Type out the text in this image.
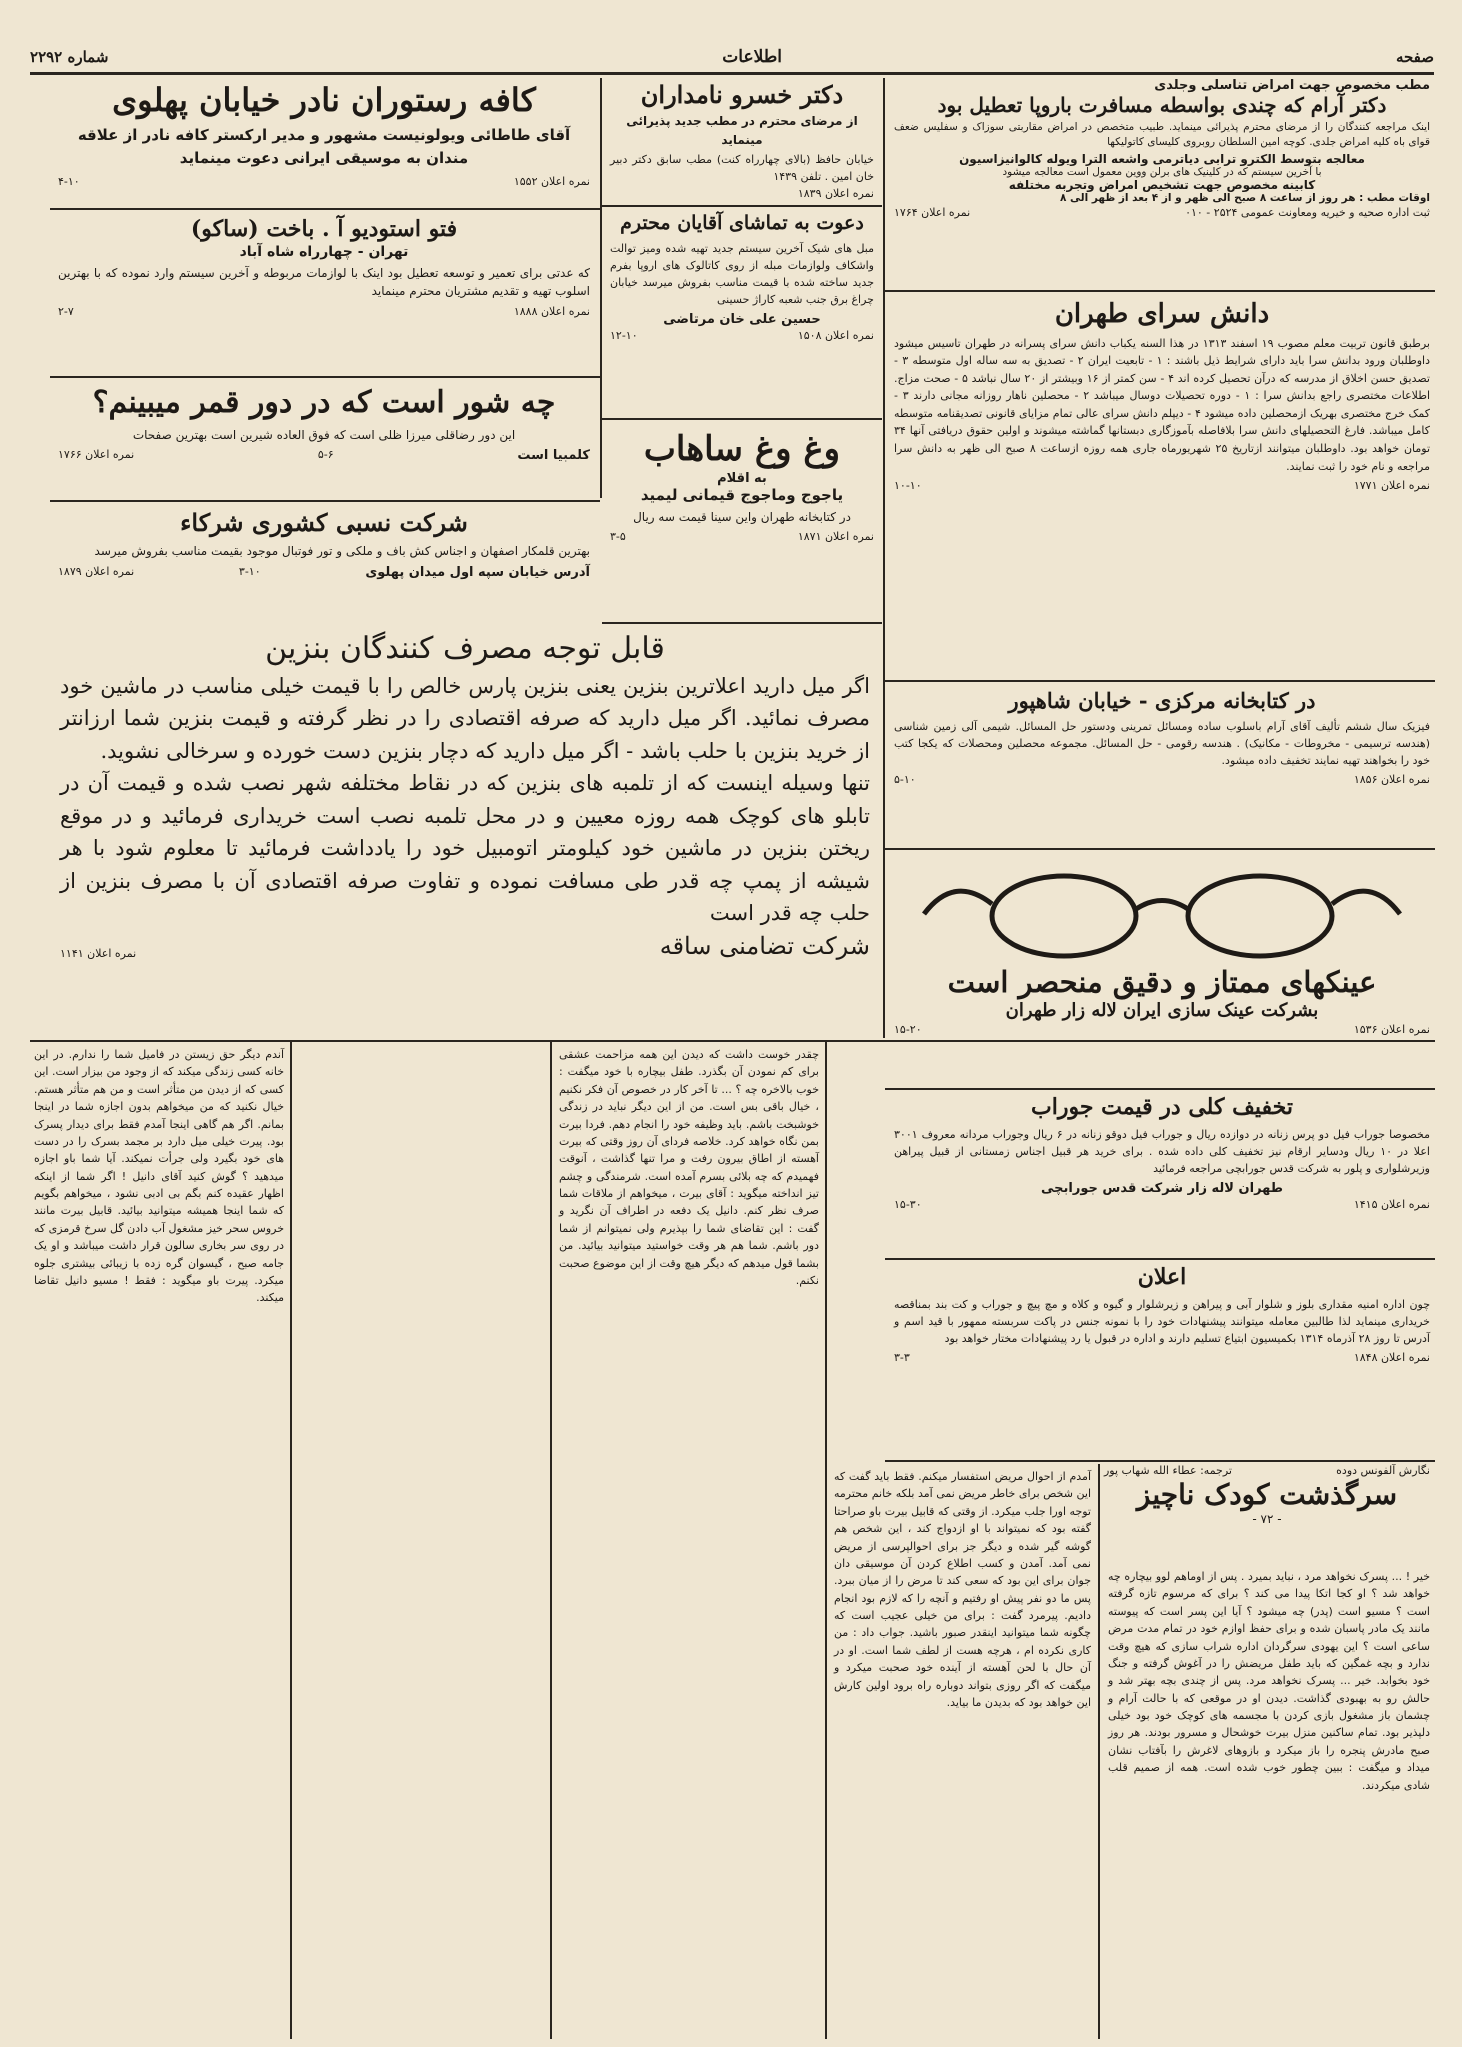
صفحه
اطلاعات
شماره ۲۲۹۲
کافه رستوران نادر خیابان پهلوی

آقای طاطائی ویولونیست مشهور و مدیر ارکستر کافه نادر از علاقه مندان به موسیقی ایرانی دعوت مینماید

نمره اعلان ۱۵۵۲
۴-۱۰
دکتر خسرو نامداران

از مرضای محترم در مطب جدید پذیرائی مینماید

خیابان حافظ (بالای چهارراه کنت) مطب سابق دکتر دبیر خان امین . تلفن ۱۴۳۹

نمره اعلان ۱۸۳۹
مطب مخصوص جهت امراض تناسلی وجلدی
دکتر آرام که چندی بواسطه مسافرت باروپا تعطیل بود

اینک مراجعه کنندگان را از مرضای محترم پذیرائی مینماید. طبیب متخصص در امراض مقاربتی سوزاک و سفلیس ضعف قوای باه کلیه امراض جلدی. کوچه امین السلطان روبروی کلیسای کاتولیکها

معالجه بتوسط الکترو ترابی دیاترمی واشعه الترا ویوله کالوانیزاسیون
با آخرین سیستم که در کلینیک های برلن ووین معمول است معالجه میشود
کابینه مخصوص جهت تشخیص امراض وتجربه مختلفه
اوقات مطب : هر روز از ساعت ۸ صبح الی ظهر و از ۴ بعد از ظهر الی ۸
ثبت اداره صحیه و خیریه ومعاونت عمومی ۲۵۲۴ - ۰۱۰
نمره اعلان ۱۷۶۴
فتو استودیو آ . باخت (ساکو)
تهران - چهارراه شاه آباد

که عدتی برای تعمیر و توسعه تعطیل بود اینک با لوازمات مربوطه و آخرین سیستم وارد نموده که با بهترین اسلوب تهیه و تقدیم مشتریان محترم مینماید

نمره اعلان ۱۸۸۸
۲-۷
دعوت به تماشای آقایان محترم

مبل های شیک آخرین سیستم جدید تهیه شده ومیز توالت واشکاف ولوازمات مبله از روی کاتالوک های اروپا بفرم جدید ساخته شده با قیمت مناسب بفروش میرسد خیابان چراغ برق جنب شعبه کاراژ حسینی

حسین علی خان مرتاضی
نمره اعلان ۱۵۰۸
۱۲-۱۰
چه شور است که در دور قمر میبینم؟

این دور رضاقلی میرزا ظلی است که فوق العاده شیرین است بهترین صفحات

کلمبیا است
۵-۶
نمره اعلان ۱۷۶۶	وغ وغ ساهاب
به اقلام
یاجوج وماجوج قیمانی لیمید

در کتابخانه طهران واین سینا قیمت سه ریال

نمره اعلان ۱۸۷۱
۳-۵
شرکت نسبی کشوری شرکاء

بهترین قلمکار اصفهان و اجناس کش باف و ملکی و تور فوتبال موجود بقیمت مناسب بفروش میرسد

آدرس خیابان سپه اول میدان پهلوی
۳-۱۰
نمره اعلان ۱۸۷۹
قابل توجه مصرف کنندگان بنزین

اگر میل دارید اعلاترین بنزین یعنی بنزین پارس خالص را با قیمت خیلی مناسب در ماشین خود مصرف نمائید. اگر میل دارید که صرفه اقتصادی را در نظر گرفته و قیمت بنزین شما ارزانتر از خرید بنزین با حلب باشد - اگر میل دارید که دچار بنزین دست خورده و سرخالی نشوید.

تنها وسیله اینست که از تلمبه های بنزین که در نقاط مختلفه شهر نصب شده و قیمت آن در تابلو های کوچک همه روزه معیین و در محل تلمبه نصب است خریداری فرمائید و در موقع ریختن بنزین در ماشین خود کیلومتر اتومبیل خود را یادداشت فرمائید تا معلوم شود با هر شیشه از پمپ چه قدر طی مسافت نموده و تفاوت صرفه اقتصادی آن با مصرف بنزین از حلب چه قدر است

شرکت تضامنی ساقه
نمره اعلان ۱۱۴۱
دانش سرای طهران

برطبق قانون تربیت معلم مصوب ۱۹ اسفند ۱۳۱۳ در هذا السنه یکباب دانش سرای پسرانه در طهران تاسیس میشود داوطلبان ورود بدانش سرا باید دارای شرایط ذیل باشند : ۱ - تابعیت ایران ۲ - تصدیق به سه ساله اول متوسطه ۳ - تصدیق حسن اخلاق از مدرسه که درآن تحصیل کرده اند ۴ - سن کمتر از ۱۶ وبیشتر از ۲۰ سال نباشد ۵ - صحت مزاج. اطلاعات مختصری راجع بدانش سرا : ۱ - دوره تحصیلات دوسال میباشد ۲ - محصلین ناهار روزانه مجانی دارند ۳ - کمک خرج مختصری بهریک ازمحصلین داده میشود ۴ - دیپلم دانش سرای عالی تمام مزایای قانونی تصدیقنامه متوسطه کامل میباشد. فارغ التحصیلهای دانش سرا بلافاصله بآموزگاری دبستانها گماشته میشوند و اولین حقوق دریافتی آنها ۳۴ تومان خواهد بود. داوطلبان میتوانند ازتاریخ ۲۵ شهریورماه جاری همه روزه ازساعت ۸ صبح الی ظهر به دانش سرا مراجعه و نام خود را ثبت نمایند.

نمره اعلان ۱۷۷۱
۱۰-۱۰
در کتابخانه مرکزی - خیابان شاهپور

فیزیک سال ششم تألیف آقای آرام باسلوب ساده ومسائل تمرینی ودستور حل المسائل. شیمی آلی زمین شناسی (هندسه ترسیمی - مخروطات - مکانیک) . هندسه رقومی - حل المسائل. مجموعه محصلین ومحصلات که یکجا کتب خود را بخواهند تهیه نمایند تخفیف داده میشود.

نمره اعلان ۱۸۵۶
۵-۱۰
عینکهای ممتاز و دقیق منحصر است
بشرکت عینک سازی ایران لاله زار طهران
نمره اعلان ۱۵۳۶
۱۵-۲۰
تخفیف کلی در قیمت جوراب

مخصوصا جوراب فیل دو پرس زنانه در دوازده ریال و جوراب فیل دوقو زنانه در ۶ ریال وجوراب مردانه معروف ۳۰۰۱ اعلا در ۱۰ ریال ودسایر ارقام نیز تخفیف کلی داده شده . برای خرید هر قبیل اجناس زمستانی از قبیل پیراهن وزیرشلواری و پلور به شرکت قدس جورابچی مراجعه فرمائید

طهران لاله زار شرکت قدس جورابچی
نمره اعلان ۱۴۱۵
۱۵-۳۰
اعلان

چون اداره امنیه مقداری بلوز و شلوار آبی و پیراهن و زیرشلوار و گیوه و کلاه و مچ پیچ و جوراب و کت بند بمناقصه خریداری مینماید لذا طالبین معامله میتوانند پیشنهادات خود را با نمونه جنس در پاکت سربسته ممهور با قید اسم و آدرس تا روز ۲۸ آذرماه ۱۳۱۴ بکمیسیون ابتیاع تسلیم دارند و اداره در قبول یا رد پیشنهادات مختار خواهد بود

نمره اعلان ۱۸۴۸
۳-۳
نگارش آلفونس دوده
ترجمه: عطاء الله شهاب پور
سرگذشت کودک ناچیز
- ۷۲ -
خیر ! ... پسرک نخواهد مرد ، نباید بمیرد . پس از اوماهم لوو بیچاره چه خواهد شد ؟ او کجا اتکا پیدا می کند ؟ برای که مرسوم تازه گرفته است ؟ مسیو است (پدر) چه میشود ؟ آیا این پسر است که پیوسته مانند یک مادر پاسبان شده و برای حفظ اوازم خود در تمام مدت مرض ساعی است ؟ این یهودی سرگردان اداره شراب سازی که هیچ وقت ندارد و بچه غمگین که باید طفل مریضش را در آغوش گرفته و جنگ خود بخوابد. خیر ... پسرک نخواهد مرد. پس از چندی بچه بهتر شد و حالش رو به بهبودی گذاشت. دیدن او در موقعی که با حالت آرام و چشمان باز مشغول بازی کردن با مجسمه های کوچک خود بود خیلی دلپذیر بود. تمام ساکنین منزل بیرت خوشحال و مسرور بودند. هر روز صبح مادرش پنجره را باز میکرد و بازوهای لاغرش را بآفتاب نشان میداد و میگفت : ببین چطور خوب شده است. همه از صمیم قلب شادی میکردند.
آمدم از احوال مریض استفسار میکنم. فقط باید گفت که این شخص برای خاطر مریض نمی آمد بلکه خانم محترمه توجه اورا جلب میکرد. از وقتی که قابیل بیرت باو صراحتا گفته بود که نمیتواند با او ازدواج کند ، این شخص هم گوشه گیر شده و دیگر جز برای احوالپرسی از مریض نمی آمد. آمدن و کسب اطلاع کردن آن موسیقی دان جوان برای این بود که سعی کند تا مرض را از میان ببرد. پس ما دو نفر پیش او رفتیم و آنچه را که لازم بود انجام دادیم. پیرمرد گفت : برای من خیلی عجیب است که چگونه شما میتوانید اینقدر صبور باشید. جواب داد : من کاری نکرده ام ، هرچه هست از لطف شما است. او در آن حال با لحن آهسته از آینده خود صحبت میکرد و میگفت که اگر روزی بتواند دوباره راه برود اولین کارش این خواهد بود که بدیدن ما بیاید.
چقدر خوست داشت که دیدن این همه مزاحمت عشقی برای کم نمودن آن بگذرد. طفل بیچاره با خود میگفت : خوب بالاخره چه ؟ ... تا آخر کار در خصوص آن فکر نکنیم ، خیال باقی بس است. من از این دیگر نباید در زندگی خوشبخت باشم. باید وظیفه خود را انجام دهم. فردا بیرت بمن نگاه خواهد کرد. خلاصه فردای آن روز وقتی که بیرت آهسته از اطاق بیرون رفت و مرا تنها گذاشت ، آنوقت فهمیدم که چه بلائی بسرم آمده است. شرمندگی و چشم تیز انداخته میگوید : آقای بیرت ، میخواهم از ملاقات شما صرف نظر کنم. دانیل یک دفعه در اطراف آن نگرید و گفت : این تقاضای شما را بپذیرم ولی نمیتوانم از شما دور باشم. شما هم هر وقت خواستید میتوانید بیائید. من بشما قول میدهم که دیگر هیچ وقت از این موضوع صحبت نکنم.
آندم دیگر حق زیستن در فامیل شما را ندارم. در این خانه کسی زندگی میکند که از وجود من بیزار است. این کسی که از دیدن من متأثر است و من هم متأثر هستم. خیال نکنید که من میخواهم بدون اجازه شما در اینجا بمانم. اگر هم گاهی اینجا آمدم فقط برای دیدار پسرک بود. پیرت خیلی میل دارد بر مجمد بسرک را در دست های خود بگیرد ولی جرأت نمیکند. آیا شما باو اجازه میدهید ؟ گوش کنید آقای دانیل ! اگر شما از اینکه اظهار عقیده کنم بگم بی ادبی نشود ، میخواهم بگویم که شما اینجا همیشه میتوانید بیائید. قابیل بیرت مانند خروس سحر خیز مشغول آب دادن گل سرخ قرمزی که در روی سر بخاری سالون قرار داشت میباشد و او یک جامه صبح ، گیسوان گره زده با زیبائی بیشتری جلوه میکرد. پیرت باو میگوید : فقط ! مسیو دانیل تقاضا میکند.
